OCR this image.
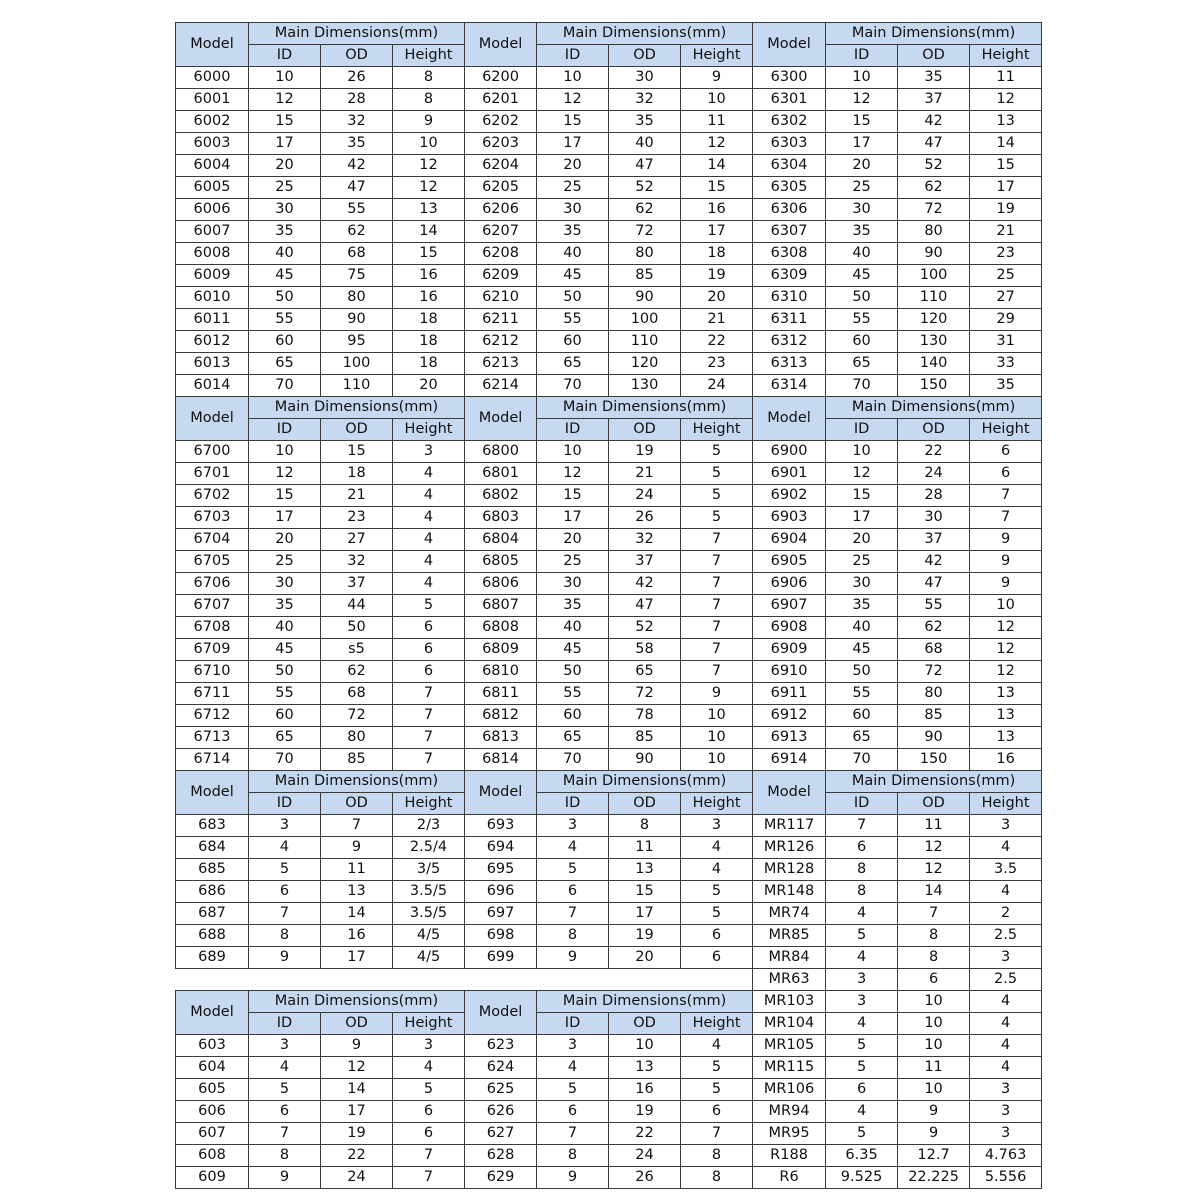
Model	Main Dimensions(mm)			Model	Main Dimensions(mm)			Model	Main Dimensions(mm)		
	ID	OD	Height		ID	OD	Height		ID	OD	Height
6000	10	26	8	6200	10	30	9	6300	10	35	11
6001	12	28	8	6201	12	32	10	6301	12	37	12
6002	15	32	9	6202	15	35	11	6302	15	42	13
6003	17	35	10	6203	17	40	12	6303	17	47	14
6004	20	42	12	6204	20	47	14	6304	20	52	15
6005	25	47	12	6205	25	52	15	6305	25	62	17
6006	30	55	13	6206	30	62	16	6306	30	72	19
6007	35	62	14	6207	35	72	17	6307	35	80	21
6008	40	68	15	6208	40	80	18	6308	40	90	23
6009	45	75	16	6209	45	85	19	6309	45	100	25
6010	50	80	16	6210	50	90	20	6310	50	110	27
6011	55	90	18	6211	55	100	21	6311	55	120	29
6012	60	95	18	6212	60	110	22	6312	60	130	31
6013	65	100	18	6213	65	120	23	6313	65	140	33
6014	70	110	20	6214	70	130	24	6314	70	150	35
Model	Main Dimensions(mm)			Model	Main Dimensions(mm)			Model	Main Dimensions(mm)		
	ID	OD	Height		ID	OD	Height		ID	OD	Height
6700	10	15	3	6800	10	19	5	6900	10	22	6
6701	12	18	4	6801	12	21	5	6901	12	24	6
6702	15	21	4	6802	15	24	5	6902	15	28	7
6703	17	23	4	6803	17	26	5	6903	17	30	7
6704	20	27	4	6804	20	32	7	6904	20	37	9
6705	25	32	4	6805	25	37	7	6905	25	42	9
6706	30	37	4	6806	30	42	7	6906	30	47	9
6707	35	44	5	6807	35	47	7	6907	35	55	10
6708	40	50	6	6808	40	52	7	6908	40	62	12
6709	45	s5	6	6809	45	58	7	6909	45	68	12
6710	50	62	6	6810	50	65	7	6910	50	72	12
6711	55	68	7	6811	55	72	9	6911	55	80	13
6712	60	72	7	6812	60	78	10	6912	60	85	13
6713	65	80	7	6813	65	85	10	6913	65	90	13
6714	70	85	7	6814	70	90	10	6914	70	150	16
Model	Main Dimensions(mm)			Model	Main Dimensions(mm)			Model	Main Dimensions(mm)		
	ID	OD	Height		ID	OD	Height		ID	OD	Height
683	3	7	2/3	693	3	8	3	MR117	7	11	3
684	4	9	2.5/4	694	4	11	4	MR126	6	12	4
685	5	11	3/5	695	5	13	4	MR128	8	12	3.5
686	6	13	3.5/5	696	6	15	5	MR148	8	14	4
687	7	14	3.5/5	697	7	17	5	MR74	4	7	2
688	8	16	4/5	698	8	19	6	MR85	5	8	2.5
689	9	17	4/5	699	9	20	6	MR84	4	8	3
								MR63	3	6	2.5
Model	Main Dimensions(mm)			Model	Main Dimensions(mm)			MR103	3	10	4
	ID	OD	Height		ID	OD	Height	MR104	4	10	4
603	3	9	3	623	3	10	4	MR105	5	10	4
604	4	12	4	624	4	13	5	MR115	5	11	4
605	5	14	5	625	5	16	5	MR106	6	10	3
606	6	17	6	626	6	19	6	MR94	4	9	3
607	7	19	6	627	7	22	7	MR95	5	9	3
608	8	22	7	628	8	24	8	R188	6.35	12.7	4.763
609	9	24	7	629	9	26	8	R6	9.525	22.225	5.556
